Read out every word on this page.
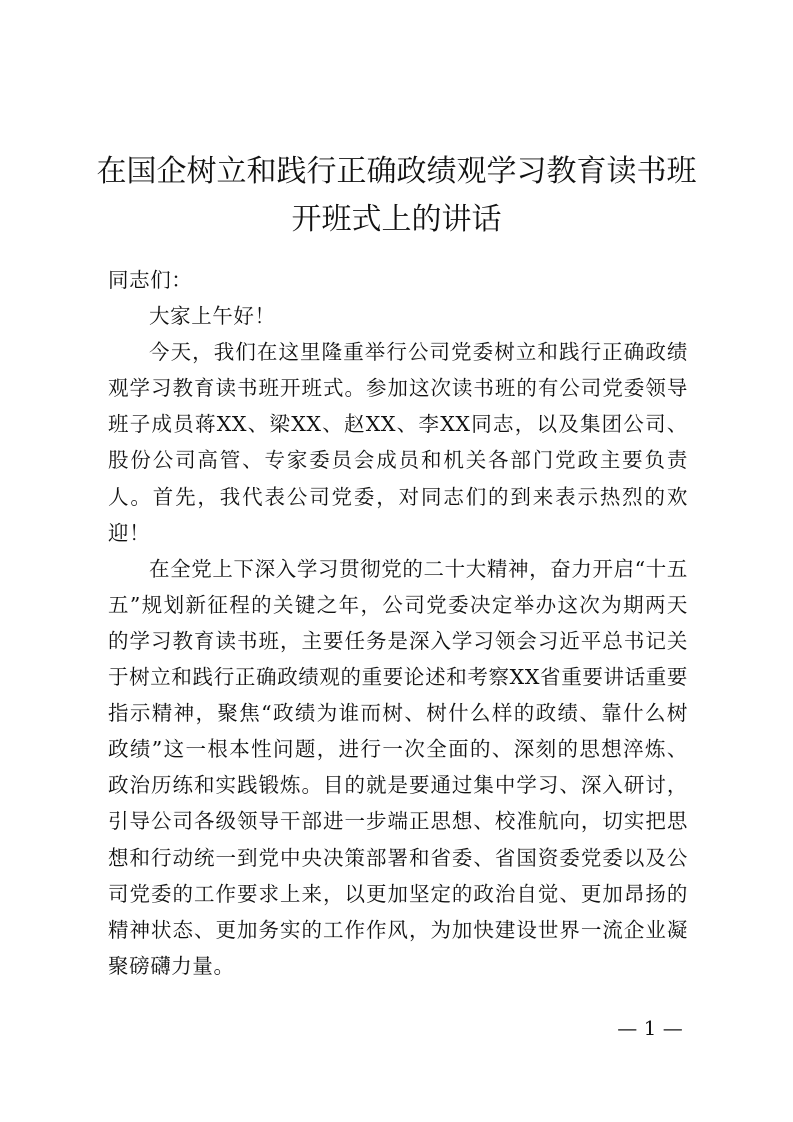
在国企树立和践行正确政绩观学习教育读书班
开班式上的讲话

同志们：

大家上午好！

今天，我们在这里隆重举行公司党委树立和践行正确政绩观学习教育读书班开班式。参加这次读书班的有公司党委领导班子成员蒋XX、梁XX、赵XX、李XX同志，以及集团公司、股份公司高管、专家委员会成员和机关各部门党政主要负责人。首先，我代表公司党委，对同志们的到来表示热烈的欢迎！

在全党上下深入学习贯彻党的二十大精神，奋力开启“十五五”规划新征程的关键之年，公司党委决定举办这次为期两天的学习教育读书班，主要任务是深入学习领会习近平总书记关于树立和践行正确政绩观的重要论述和考察XX省重要讲话重要指示精神，聚焦“政绩为谁而树、树什么样的政绩、靠什么树政绩”这一根本性问题，进行一次全面的、深刻的思想淬炼、政治历练和实践锻炼。目的就是要通过集中学习、深入研讨，引导公司各级领导干部进一步端正思想、校准航向，切实把思想和行动统一到党中央决策部署和省委、省国资委党委以及公司党委的工作要求上来，以更加坚定的政治自觉、更加昂扬的精神状态、更加务实的工作作风，为加快建设世界一流企业凝聚磅礴力量。

— 1 —
